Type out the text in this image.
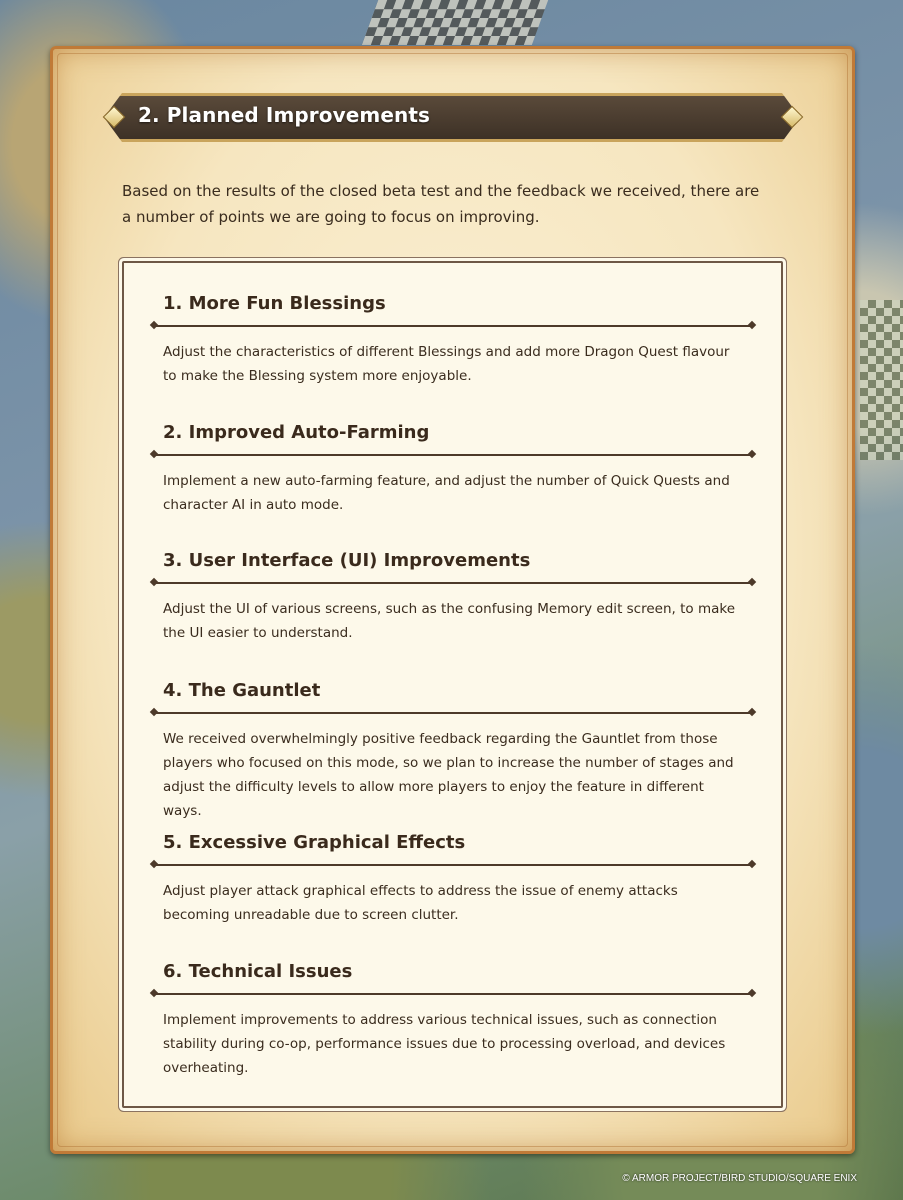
2. Planned Improvements
Based on the results of the closed beta test and the feedback we received, there are a number of points we are going to focus on improving.
1. More Fun Blessings
Adjust the characteristics of different Blessings and add more Dragon Quest flavour to make the Blessing system more enjoyable.
2. Improved Auto-Farming
Implement a new auto-farming feature, and adjust the number of Quick Quests and character AI in auto mode.
3. User Interface (UI) Improvements
Adjust the UI of various screens, such as the confusing Memory edit screen, to make the UI easier to understand.
4. The Gauntlet
We received overwhelmingly positive feedback regarding the Gauntlet from those players who focused on this mode, so we plan to increase the number of stages and adjust the difficulty levels to allow more players to enjoy the feature in different ways.
5. Excessive Graphical Effects
Adjust player attack graphical effects to address the issue of enemy attacks becoming unreadable due to screen clutter.
6. Technical Issues
Implement improvements to address various technical issues, such as connection stability during co-op, performance issues due to processing overload, and devices overheating.
© ARMOR PROJECT/BIRD STUDIO/SQUARE ENIX
